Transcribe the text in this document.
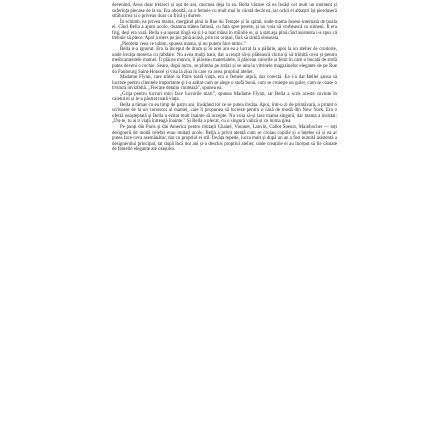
devenind. Avea doar treizeci și opt de ani, mocnea deja în ea. Bella văzuse că ea însăși cel mult un moment și suferința plecase de la ea. Era obosită, ca o femeie cu mult mai în vârstă decât ea, iar ochii ei albaștri își pierduseră strălucirea și o priveau doar cu frică și durere.

În schimb, ea privea mama, mergând pînă la Rue du Temple și în spital, unde mama fusese internată de boala ei. Cînd Bella a ajuns acolo, doamna stătea întinsă, cu fața spre perete, și nu voia să vorbească cu nimeni. Îi era frig, deși era vară. Bella s-a așezat lîngă ea și i-a luat mâna în mîinile ei, și a stat așa pînă cînd asistenta i-a spus că trebuie să plece. Apoi a mers pe jos pînă acasă, prin tot orașul, fără să simtă oboseala.

„Pierdem ceea ce iubim, spunea mama, și nu putem face nimic.”

Bella n-a ignorat. Era la început de drum și în acei ani ea a lucrat la o pălărie, apoi la un atelier de croitorie, unde învăța meseria cu răbdare. Nu avea mulți bani, dar a reușit să-și plătească chiria și să trimită ceva și pentru medicamentele mamei. Îi plăcea munca, îi plăceau materialele, îi plăceau culorile și felul în care o bucată de stofă putea deveni o rochie. Seara, după lucru, se plimba pe străzi și se uita la vitrinele magazinelor elegante de pe Rue du Faubourg Saint-Honoré și visa la ziua în care va avea propriul atelier.

Madame Flynn, care trăise la Paris toată viața, era o femeie aspră, dar corectă. Ea i-a dat Bellei șansa să lucreze pentru clientele importante și i-a arătat cum se alege o stofă bună, cum se croiește un guler, cum se coase o tivitură invizibilă. „Fiecare detaliu contează”, spunea ea.

„Grija pentru lucruri mici face lucrurile mari”, spunea Madame Flynn, iar Bella a scris aceste cuvinte în caietul ei și le-a păstrat toată viața.

Bella a rămas cu ea timp de patru ani, învățând tot ce se putea învăța. Apoi, într-o zi de primăvară, a primit o scrisoare de la un cunoscut al mamei, care îi propunea să lucreze pentru o casă de modă din New York. Era o ofertă neașteptată și Bella a ezitat mult înainte să accepte. Nu voia să-și lase mama singură, dar mama a insistat: „Du-te, tu ai o viață întreagă înainte.” Și Bella a plecat, cu o singură valiză și cu inima grea.

Pe punți din Paris și din America pentru imitații Chanel, Vionnet, Lanvin, Callot Soeurs, Mainbocher — toți designerii de modă celebri erau imitați acolo. Bella a privit atentă cum se croiau copiile și a înțeles că și ea ar putea face ceva asemănător, dar cu propriul ei stil. Învăța repede, lucra mult și după un an a fost numită asistentă a designerului principal, iar după încă doi ani și-a deschis propriul atelier, unde creațiile ei au început să fie căutate de femeile elegante ale orașului.
